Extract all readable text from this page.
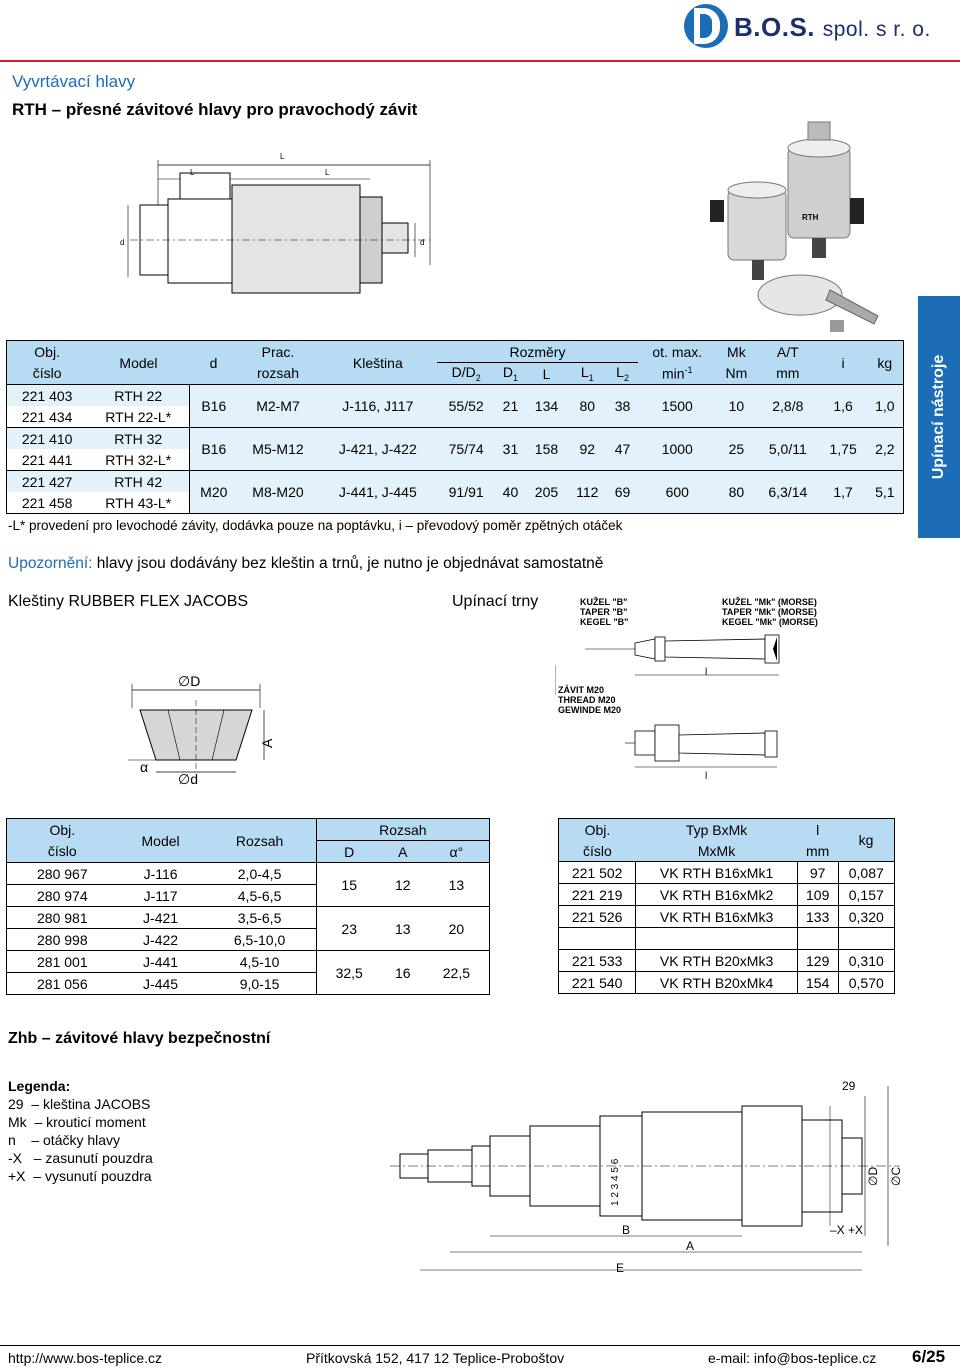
B.O.S. spol. s r. o.
Vyvrtávací hlavy
RTH – přesné závitové hlavy pro pravochodý závit
L
L	L
d	d
RTH
Upínací nástroje
Obj.	Model	d	Prac.	Kleština	Rozměry					ot. max.	Mk	A/T	i	kg
číslo			rozsah		$D/D_2$	$D_1$	L	$L_1$	$L_2$	$\min^{-1}$	Nm	mm		
221 403	RTH 22	B16	M2-M7	J-116, J117	55/52	21	134	80	38	1500	10	2,8/8	1,6	1,0
221 434	RTH 22-L*													
221 410	RTH 32	B16	M5-M12	J-421, J-422	75/74	31	158	92	47	1000	25	5,0/11	1,75	2,2
221 441	RTH 32-L*													
221 427	RTH 42	M20	M8-M20	J-441, J-445	91/91	40	205	112	69	600	80	6,3/14	1,7	5,1
221 458	RTH 43-L*													
-L* provedení pro levochodé závity, dodávka pouze na poptávku, i – převodový poměr zpětných otáček
Upozornění: hlavy jsou dodávány bez kleštin a trnů, je nutno je objednávat samostatně
Kleštiny RUBBER FLEX JACOBS	Upínací trny
∅D
∅d
A
α
KUŽEL "B"
TAPER "B"
KEGEL "B"
KUŽEL "Mk" (MORSE)
TAPER "Mk" (MORSE)
KEGEL "Mk" (MORSE)
l
ZÁVIT M20
THREAD M20
GEWINDE M20
l
Obj.	Model	Rozsah	Rozsah		
číslo			D	A	α°
280 967	J-116	2,0-4,5	15	12	13
280 974	J-117	4,5-6,5			
280 981	J-421	3,5-6,5	23	13	20
280 998	J-422	6,5-10,0			
281 001	J-441	4,5-10	32,5	16	22,5
281 056	J-445	9,0-15			
Obj.	Typ BxMk	l	kg
číslo	MxMk	mm	
221 502	VK RTH B16xMk1	97	0,087
221 219	VK RTH B16xMk2	109	0,157
221 526	VK RTH B16xMk3	133	0,320

221 533	VK RTH B20xMk3	129	0,310
221 540	VK RTH B20xMk4	154	0,570
Zhb – závitové hlavy bezpečnostní
Legenda:
29  – kleština JACOBS
Mk  – krouticí moment
n    – otáčky hlavy
-X   – zasunutí pouzdra
+X  – vysunutí pouzdra
29
∅D ∅C
1 2 3 4 5 6
B
A
E
–X +X
http://www.bos-teplice.cz	Přítkovská 152, 417 12 Teplice-Proboštov	e-mail: info@bos-teplice.cz 6/25
